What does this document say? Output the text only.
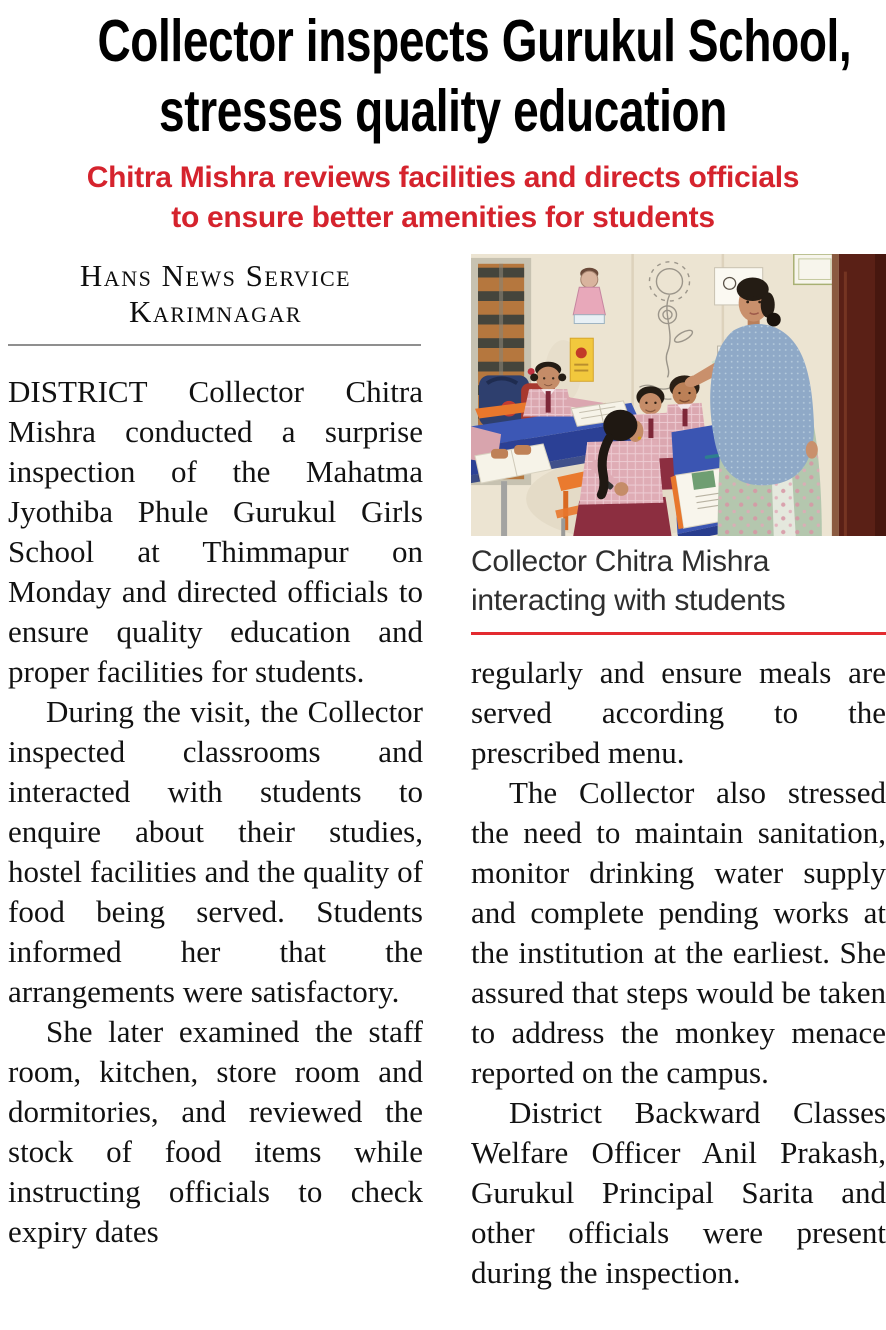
Collector inspects Gurukul School,
stresses quality education
Chitra Mishra reviews facilities and directs officials
to ensure better amenities for students
Hans News Service
Karimnagar

DISTRICT Collector Chitra Mishra conducted a surprise inspection of the Mahatma Jyothiba Phule Gurukul Girls School at Thimmapur on Monday and directed officials to ensure quality education and proper facilities for students.

During the visit, the Collector inspected classrooms and interacted with students to enquire about their studies, hostel facilities and the quality of food being served. Students informed her that the arrangements were satisfactory.

She later examined the staff room, kitchen, store room and dormitories, and reviewed the stock of food items while instructing officials to check expiry dates

Collector Chitra Mishra
interacting with students

regularly and ensure meals are served according to the prescribed menu.

The Collector also stressed the need to maintain sanitation, monitor drinking water supply and complete pending works at the institution at the earliest. She assured that steps would be taken to address the monkey menace reported on the campus.

District Backward Classes Welfare Officer Anil Prakash, Gurukul Principal Sarita and other officials were present during the inspection.
